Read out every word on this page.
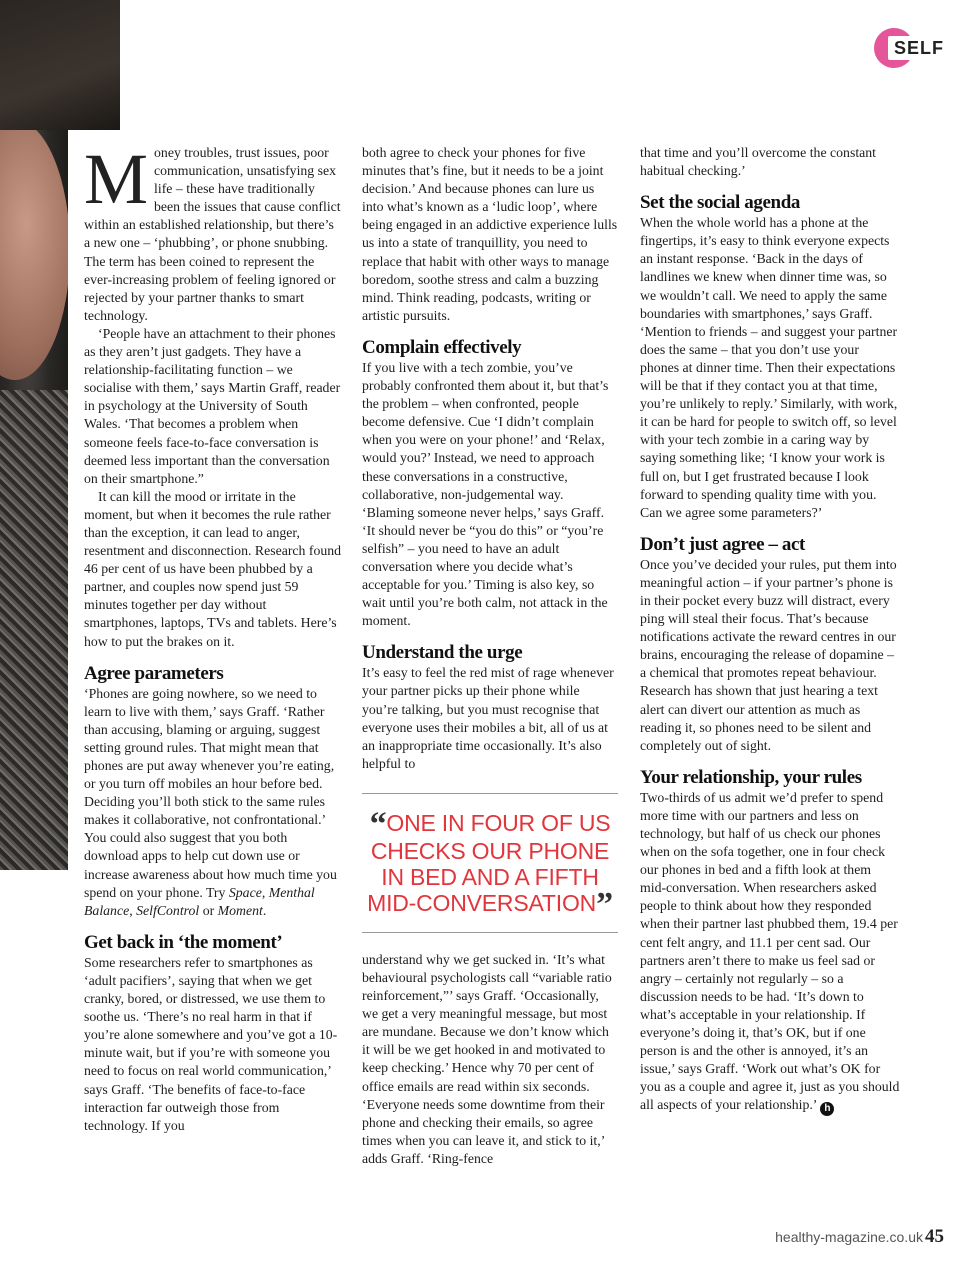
SELF

Money troubles, trust issues, poor communication, unsatisfying sex life – these have traditionally been the issues that cause conflict within an established relationship, but there’s a new one – ‘phubbing’, or phone snubbing. The term has been coined to represent the ever-increasing problem of feeling ignored or rejected by your partner thanks to smart technology.

‘People have an attachment to their phones as they aren’t just gadgets. They have a relationship-facilitating function – we socialise with them,’ says Martin Graff, reader in psychology at the University of South Wales. ‘That becomes a problem when someone feels face-to-face conversation is deemed less important than the conversation on their smartphone.”

It can kill the mood or irritate in the moment, but when it becomes the rule rather than the exception, it can lead to anger, resentment and disconnection. Research found 46 per cent of us have been phubbed by a partner, and couples now spend just 59 minutes together per day without smartphones, laptops, TVs and tablets. Here’s how to put the brakes on it.

Agree parameters

‘Phones are going nowhere, so we need to learn to live with them,’ says Graff. ‘Rather than accusing, blaming or arguing, suggest setting ground rules. That might mean that phones are put away whenever you’re eating, or you turn off mobiles an hour before bed. Deciding you’ll both stick to the same rules makes it collaborative, not confrontational.’ You could also suggest that you both download apps to help cut down use or increase awareness about how much time you spend on your phone. Try Space, Menthal Balance, SelfControl or Moment.

Get back in ‘the moment’

Some researchers refer to smartphones as ‘adult pacifiers’, saying that when we get cranky, bored, or distressed, we use them to soothe us. ‘There’s no real harm in that if you’re alone somewhere and you’ve got a 10-minute wait, but if you’re with someone you need to focus on real world communication,’ says Graff. ‘The benefits of face-to-face interaction far outweigh those from technology. If you

both agree to check your phones for five minutes that’s fine, but it needs to be a joint decision.’ And because phones can lure us into what’s known as a ‘ludic loop’, where being engaged in an addictive experience lulls us into a state of tranquillity, you need to replace that habit with other ways to manage boredom, soothe stress and calm a buzzing mind. Think reading, podcasts, writing or artistic pursuits.

Complain effectively

If you live with a tech zombie, you’ve probably confronted them about it, but that’s the problem – when confronted, people become defensive. Cue ‘I didn’t complain when you were on your phone!’ and ‘Relax, would you?’ Instead, we need to approach these conversations in a constructive, collaborative, non-judgemental way. ‘Blaming someone never helps,’ says Graff. ‘It should never be “you do this” or “you’re selfish” – you need to have an adult conversation where you decide what’s acceptable for you.’ Timing is also key, so wait until you’re both calm, not attack in the moment.

Understand the urge

It’s easy to feel the red mist of rage whenever your partner picks up their phone while you’re talking, but you must recognise that everyone uses their mobiles a bit, all of us at an inappropriate time occasionally. It’s also helpful to

“ONE IN FOUR OF US CHECKS OUR PHONE IN BED AND A FIFTH MID-CONVERSATION”

understand why we get sucked in. ‘It’s what behavioural psychologists call “variable ratio reinforcement,”’ says Graff. ‘Occasionally, we get a very meaningful message, but most are mundane. Because we don’t know which it will be we get hooked in and motivated to keep checking.’ Hence why 70 per cent of office emails are read within six seconds. ‘Everyone needs some downtime from their phone and checking their emails, so agree times when you can leave it, and stick to it,’ adds Graff. ‘Ring-fence

that time and you’ll overcome the constant habitual checking.’

Set the social agenda

When the whole world has a phone at the fingertips, it’s easy to think everyone expects an instant response. ‘Back in the days of landlines we knew when dinner time was, so we wouldn’t call. We need to apply the same boundaries with smartphones,’ says Graff. ‘Mention to friends – and suggest your partner does the same – that you don’t use your phones at dinner time. Then their expectations will be that if they contact you at that time, you’re unlikely to reply.’ Similarly, with work, it can be hard for people to switch off, so level with your tech zombie in a caring way by saying something like; ‘I know your work is full on, but I get frustrated because I look forward to spending quality time with you. Can we agree some parameters?’

Don’t just agree – act

Once you’ve decided your rules, put them into meaningful action – if your partner’s phone is in their pocket every buzz will distract, every ping will steal their focus. That’s because notifications activate the reward centres in our brains, encouraging the release of dopamine – a chemical that promotes repeat behaviour. Research has shown that just hearing a text alert can divert our attention as much as reading it, so phones need to be silent and completely out of sight.

Your relationship, your rules

Two-thirds of us admit we’d prefer to spend more time with our partners and less on technology, but half of us check our phones when on the sofa together, one in four check our phones in bed and a fifth look at them mid-conversation. When researchers asked people to think about how they responded when their partner last phubbed them, 19.4 per cent felt angry, and 11.1 per cent sad. Our partners aren’t there to make us feel sad or angry – certainly not regularly – so a discussion needs to be had. ‘It’s down to what’s acceptable in your relationship. If everyone’s doing it, that’s OK, but if one person is and the other is annoyed, it’s an issue,’ says Graff. ‘Work out what’s OK for you as a couple and agree it, just as you should all aspects of your relationship.’ h

healthy-magazine.co.uk 45
